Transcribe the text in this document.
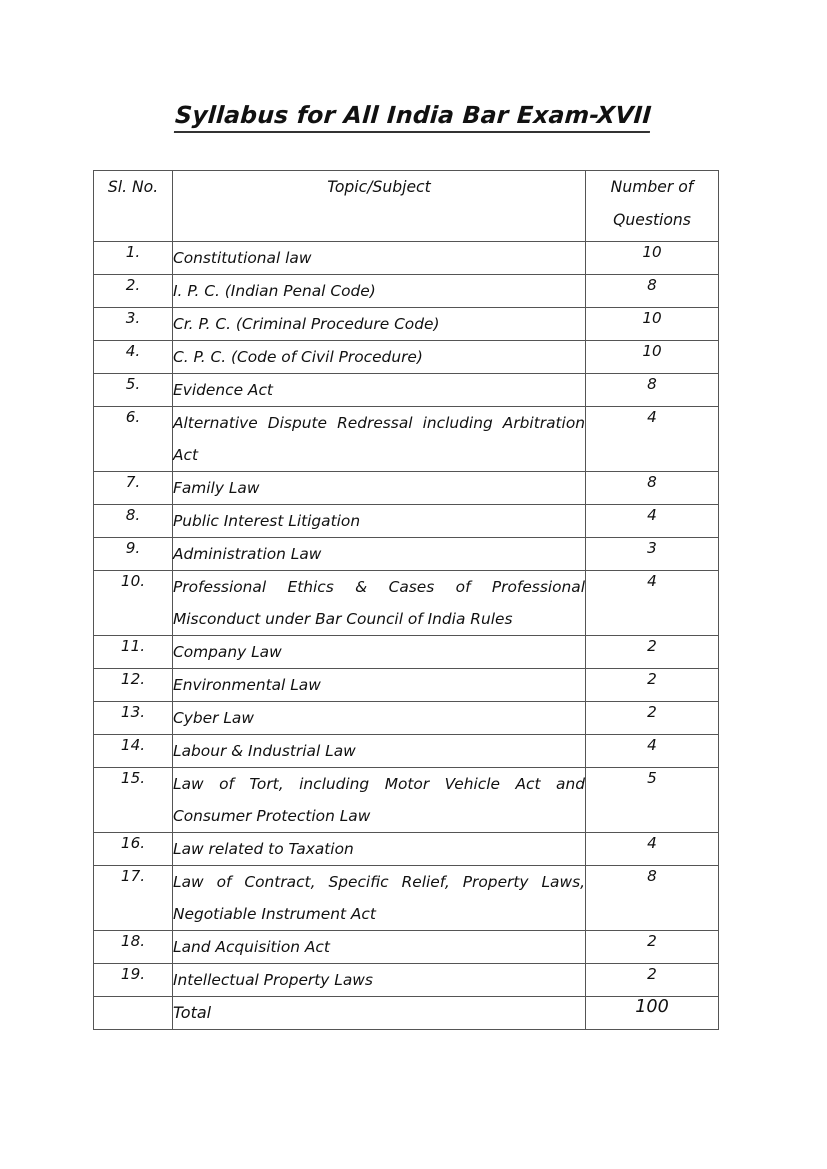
Syllabus for All India Bar Exam-XVII
Sl. No.	Topic/Subject	Number of
Questions

1.	Constitutional law	10
2.	I. P. C. (Indian Penal Code)	8
3.	Cr. P. C. (Criminal Procedure Code)	10
4.	C. P. C. (Code of Civil Procedure)	10
5.	Evidence Act	8
6.	Alternative Dispute Redressal including Arbitration Act	4
7.	Family Law	8
8.	Public Interest Litigation	4
9.	Administration Law	3
10.	Professional Ethics & Cases of Professional Misconduct under Bar Council of India Rules	4
11.	Company Law	2
12.	Environmental Law	2
13.	Cyber Law	2
14.	Labour & Industrial Law	4
15.	Law of Tort, including Motor Vehicle Act and Consumer Protection Law	5
16.	Law related to Taxation	4
17.	Law of Contract, Specific Relief, Property Laws, Negotiable Instrument Act	8
18.	Land Acquisition Act	2
19.	Intellectual Property Laws	2
	Total	100
